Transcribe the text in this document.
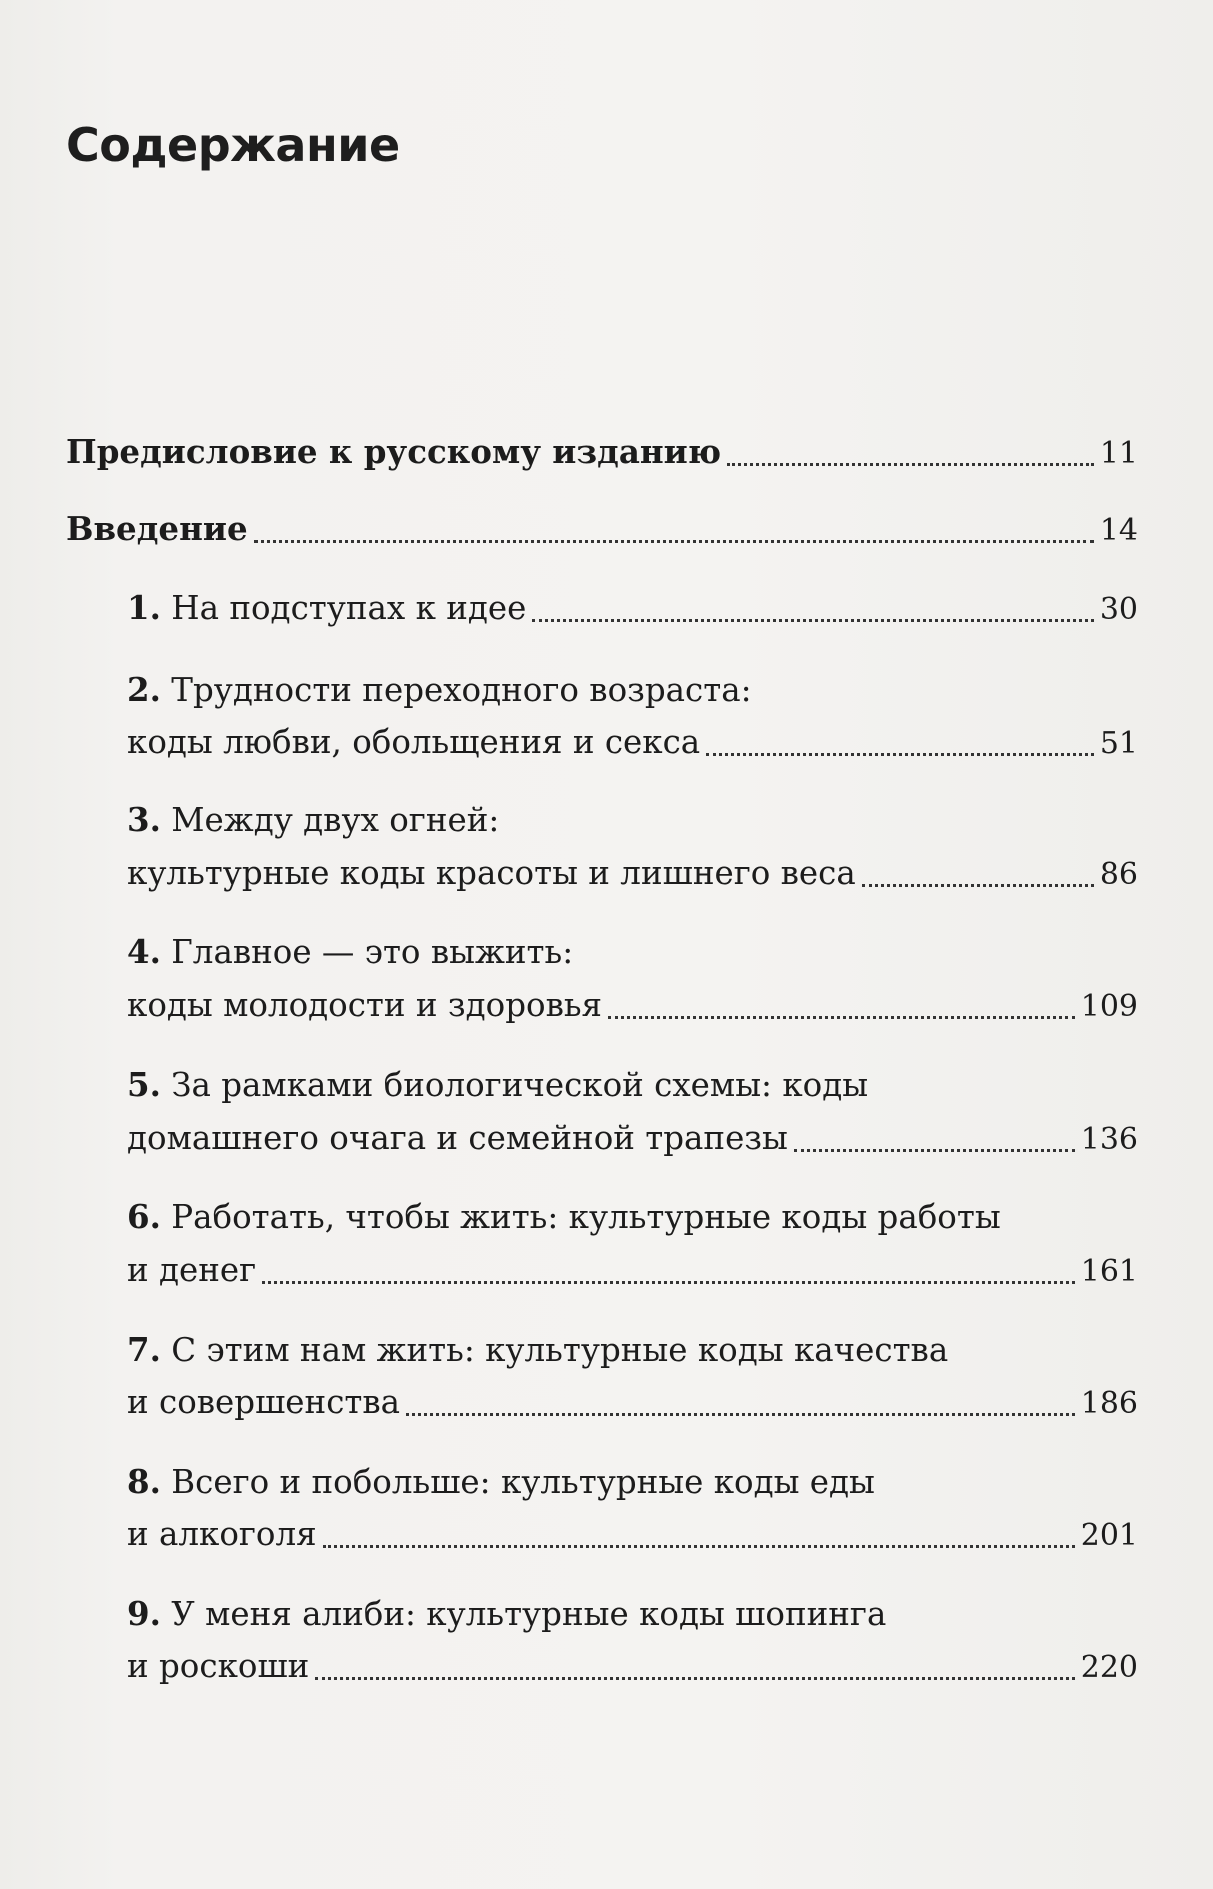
Содержание
Предисловие к русскому изданию	11
Введение	14
1. На подступах к идее	30
2. Трудности переходного возраста:
коды любви, обольщения и секса	51
3. Между двух огней:
культурные коды красоты и лишнего веса	86
4. Главное — это выжить:
коды молодости и здоровья	109
5. За рамками биологической схемы: коды
домашнего очага и семейной трапезы	136
6. Работать, чтобы жить: культурные коды работы
и денег	161
7. С этим нам жить: культурные коды качества
и совершенства	186
8. Всего и побольше: культурные коды еды
и алкоголя	201
9. У меня алиби: культурные коды шопинга
и роскоши	220
